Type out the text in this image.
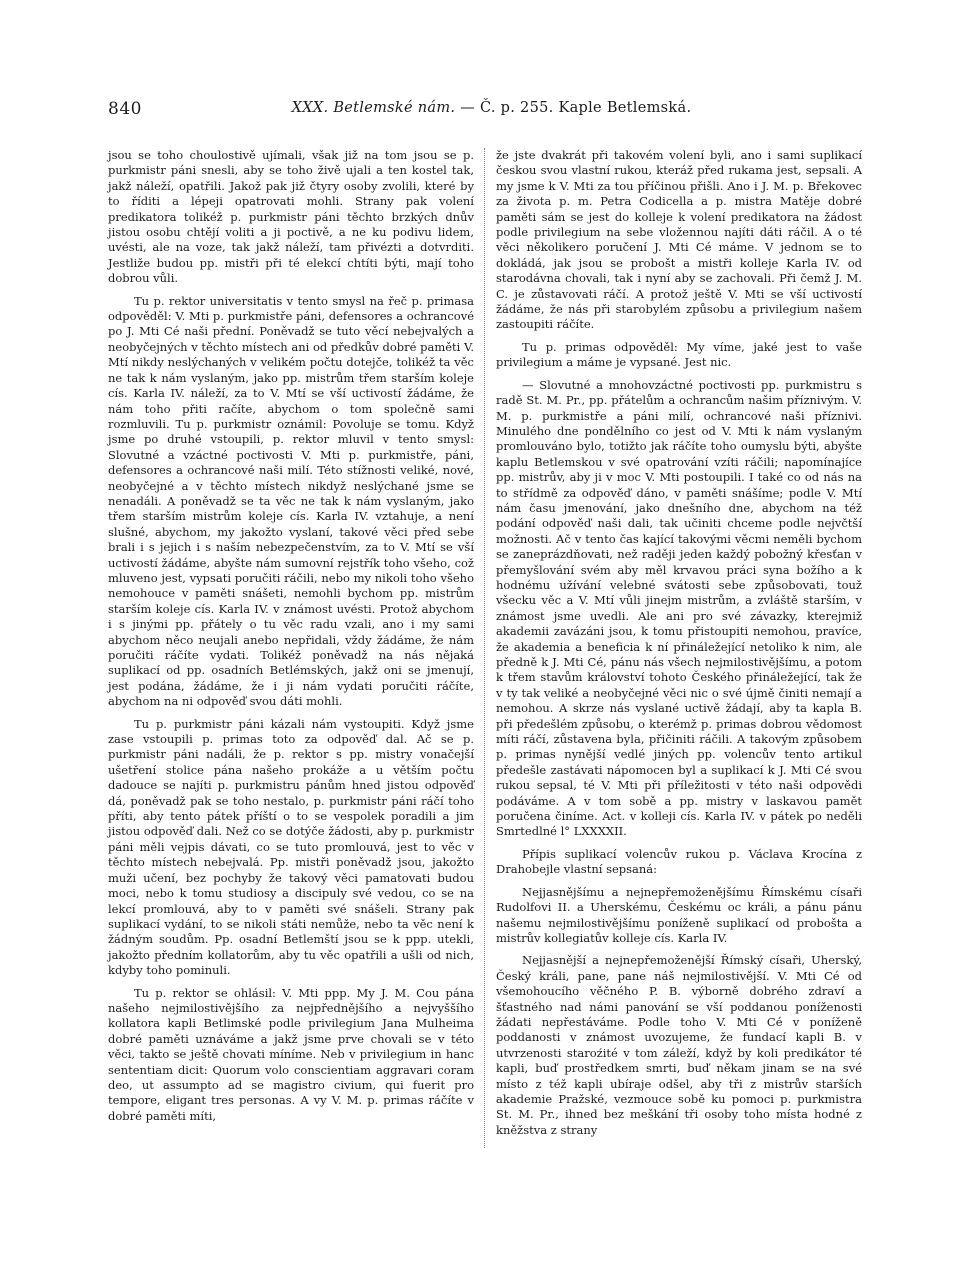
840	XXX. Betlemské nám. — Č. p. 255. Kaple Betlemská.

jsou se toho choulostivě ujímali, však již na tom jsou se p. purkmistr páni snesli, aby se toho živě ujali a ten kostel tak, jakž náleží, opatřili. Jakož pak již čtyry osoby zvolili, které by to říditi a lépeji opatrovati mohli. Strany pak volení predikatora tolikéž p. purkmistr páni těchto brzkých dnův jistou osobu chtějí voliti a ji poctivě, a ne ku podivu lidem, uvésti, ale na voze, tak jakž náleží, tam přivézti a dotvrditi. Jestliže budou pp. mistři při té elekcí chtíti býti, mají toho dobrou vůli.

Tu p. rektor universitatis v tento smysl na řeč p. primasa odpověděl: V. Mti p. purkmistře páni, defensores a ochrancové po J. Mti Cé naši přední. Poněvadž se tuto věcí nebejvalých a neobyčejných v těchto místech ani od předkův dobré paměti V. Mtí nikdy neslýchaných v velikém počtu dotejče, tolikéž ta věc ne tak k nám vyslaným, jako pp. mistrům třem starším koleje cís. Karla IV. náleží, za to V. Mtí se vší uctivostí žádáme, že nám toho přiti račíte, abychom o tom společně sami rozmluvili. Tu p. purkmistr oznámil: Povoluje se tomu. Když jsme po druhé vstoupili, p. rektor mluvil v tento smysl: Slovutné a vzáctné poctivosti V. Mti p. purkmistře, páni, defensores a ochrancové naši milí. Této stížnosti veliké, nové, neobyčejné a v těchto místech nikdyž neslýchané jsme se nenadáli. A poněvadž se ta věc ne tak k nám vyslaným, jako třem starším mistrům koleje cís. Karla IV. vztahuje, a není slušné, abychom, my jakožto vyslaní, takové věci před sebe brali i s jejich i s naším nebezpečenstvím, za to V. Mtí se vší uctivostí žádáme, abyšte nám sumovní rejstřík toho všeho, což mluveno jest, vypsati poručiti ráčili, nebo my nikoli toho všeho nemohouce v paměti snášeti, nemohli bychom pp. mistrům starším koleje cís. Karla IV. v známost uvésti. Protož abychom i s jinými pp. přátely o tu věc radu vzali, ano i my sami abychom něco neujali anebo nepřidali, vždy žádáme, že nám poručiti ráčíte vydati. Tolikéž poněvadž na nás nějaká suplikací od pp. osadních Betlémských, jakž oni se jmenují, jest podána, žádáme, že i ji nám vydati poručiti ráčíte, abychom na ni odpověď svou dáti mohli.

Tu p. purkmistr páni kázali nám vystoupiti. Když jsme zase vstoupili p. primas toto za odpověď dal. Ač se p. purkmistr páni nadáli, že p. rektor s pp. mistry vonačejší ušetření stolice pána našeho prokáže a u větším počtu dadouce se najíti p. purkmistru pánům hned jistou odpověď dá, poněvadž pak se toho nestalo, p. purkmistr páni ráčí toho příti, aby tento pátek příští o to se vespolek poradili a jim jistou odpověď dali. Než co se dotýče žádosti, aby p. purkmistr páni měli vejpis dávati, co se tuto promlouvá, jest to věc v těchto místech nebejvalá. Pp. mistři poněvadž jsou, jakožto muži učení, bez pochyby že takový věci pamatovati budou moci, nebo k tomu studiosy a discipuly své vedou, co se na lekcí promlouvá, aby to v paměti své snášeli. Strany pak suplikací vydání, to se nikoli státi nemůže, nebo ta věc není k žádným soudům. Pp. osadní Betlemští jsou se k ppp. utekli, jakožto předním kollatorům, aby tu věc opatřili a ušli od nich, kdyby toho pominuli.

Tu p. rektor se ohlásil: V. Mti ppp. My J. M. Cou pána našeho nejmilostivějšího za nejpřednějšího a nejvyššího kollatora kapli Betlimské podle privilegium Jana Mulheima dobré paměti uznáváme a jakž jsme prve chovali se v této věci, takto se ještě chovati míníme. Neb v privilegium in hanc sententiam dicit: Quorum volo conscientiam aggravari coram deo, ut assumpto ad se magistro civium, qui fuerit pro tempore, eligant tres personas. A vy V. M. p. primas ráčíte v dobré paměti míti,

že jste dvakrát při takovém volení byli, ano i sami suplikací českou svou vlastní rukou, kteráž před rukama jest, sepsali. A my jsme k V. Mti za tou příčinou přišli. Ano i J. M. p. Břekovec za života p. m. Petra Codicella a p. mistra Matěje dobré paměti sám se jest do kolleje k volení predikatora na žádost podle privilegium na sebe vložennou najíti dáti ráčil. A o té věci několikero poručení J. Mti Cé máme. V jednom se to dokládá, jak jsou se probošt a mistři kolleje Karla IV. od starodávna chovali, tak i nyní aby se zachovali. Při čemž J. M. C. je zůstavovati ráčí. A protož ještě V. Mti se vší uctivostí žádáme, že nás při starobylém způsobu a privilegium našem zastoupiti ráčíte.

Tu p. primas odpověděl: My víme, jaké jest to vaše privilegium a máme je vypsané. Jest nic.

— Slovutné a mnohovzáctné poctivosti pp. purkmistru s radě St. M. Pr., pp. přátelům a ochrancům našim příznivým. V. M. p. purkmistře a páni milí, ochrancové naši příznivi. Minulého dne pondělního co jest od V. Mti k nám vyslaným promlouváno bylo, totižto jak ráčíte toho oumyslu býti, abyšte kaplu Betlemskou v své opatrování vzíti ráčili; napomínajíce pp. mistrův, aby ji v moc V. Mti postoupili. I také co od nás na to střídmě za odpověď dáno, v paměti snášíme; podle V. Mtí nám času jmenování, jako dnešního dne, abychom na též podání odpověď naši dali, tak učiniti chceme podle nejvčtší možnosti. Ač v tento čas kající takovými věcmi neměli bychom se zaneprázdňovati, než raději jeden každý pobožný křesťan v přemyšlování svém aby měl krvavou práci syna božího a k hodnému užívání velebné svátosti sebe způsobovati, touž všecku věc a V. Mtí vůli jinejm mistrům, a zvláště starším, v známost jsme uvedli. Ale ani pro své závazky, kterejmiž akademii zavázáni jsou, k tomu přistoupiti nemohou, pravíce, že akademia a beneficia k ní přináležející netoliko k nim, ale předně k J. Mti Cé, pánu nás všech nejmilostivějšímu, a potom k třem stavům království tohoto Českého přináležející, tak že v ty tak veliké a neobyčejné věci nic o své újmě činiti nemají a nemohou. A skrze nás vyslané uctivě žádají, aby ta kapla B. při předešlém způsobu, o kterémž p. primas dobrou vědomost míti ráčí, zůstavena byla, přičiniti ráčili. A takovým způsobem p. primas nynější vedlé jiných pp. volencův tento artikul předešle zastávati nápomocen byl a suplikací k J. Mti Cé svou rukou sepsal, té V. Mti při příležitosti v této naši odpovědi podáváme. A v tom sobě a pp. mistry v laskavou pamět poručena činíme. Act. v kolleji cís. Karla IV. v pátek po neděli Smrtedlné l° LXXXXII.

Přípis suplikací volencův rukou p. Václava Krocína z Drahobejle vlastní sepsaná:

Nejjasnějšímu a nejnepřemoženějšímu Římskému císaři Rudolfovi II. a Uherskému, Českému oc králi, a pánu pánu našemu nejmilostivějšímu poníženě suplikací od probošta a mistrův kollegiatův kolleje cís. Karla IV.

Nejjasnější a nejnepřemoženější Římský císaři, Uherský, Český králi, pane, pane náš nejmilostivější. V. Mti Cé od všemohoucího věčného P. B. výborně dobrého zdraví a šťastného nad námi panování se vší poddanou poníženosti žádati nepřestáváme. Podle toho V. Mti Cé v poníženě poddanosti v známost uvozujeme, že fundací kapli B. v utvrzenosti staroźité v tom záleží, když by koli predikátor té kapli, buď prostředkem smrti, buď někam jinam se na své místo z též kapli ubíraje odšel, aby tři z mistrův starších akademie Pražské, vezmouce sobě ku pomoci p. purkmistra St. M. Pr., ihned bez meškání tři osoby toho místa hodné z kněžstva z strany
